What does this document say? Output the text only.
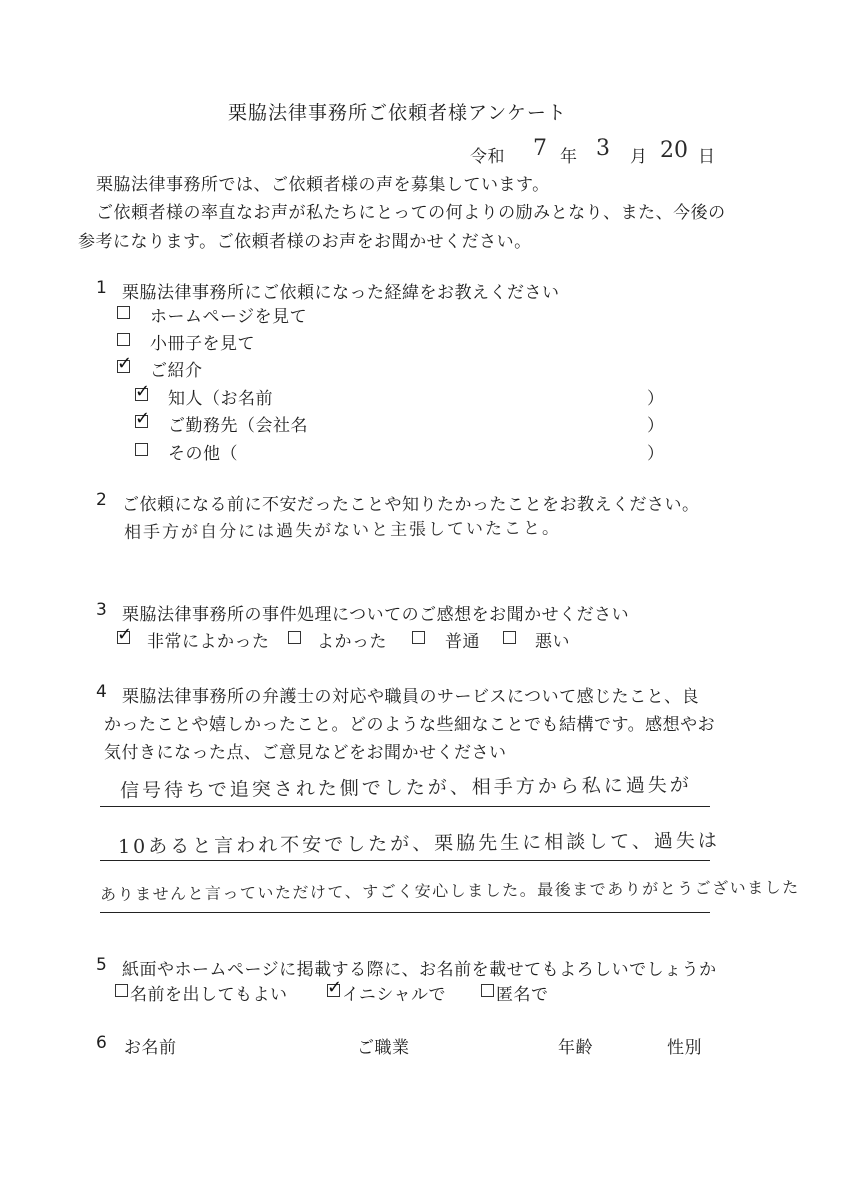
栗脇法律事務所ご依頼者様アンケート
令和 7 年 3 月 20 日
栗脇法律事務所では、ご依頼者様の声を募集しています。
ご依頼者様の率直なお声が私たちにとっての何よりの励みとなり、また、今後の
参考になります。ご依頼者様のお声をお聞かせください。
1 栗脇法律事務所にご依頼になった経緯をお教えください
ホームページを見て
小冊子を見て
✓ ご紹介
✓ 知人（お名前	）
✓ ご勤務先（会社名	）
その他（	）
2 ご依頼になる前に不安だったことや知りたかったことをお教えください。
相手方が自分には過失がないと主張していたこと。
3 栗脇法律事務所の事件処理についてのご感想をお聞かせください
✓ 非常によかった	よかった	普通	悪い
4 栗脇法律事務所の弁護士の対応や職員のサービスについて感じたこと、良
かったことや嬉しかったこと。どのような些細なことでも結構です。感想やお
気付きになった点、ご意見などをお聞かせください
信号待ちで追突された側でしたが、相手方から私に過失が
10あると言われ不安でしたが、栗脇先生に相談して、過失は
ありませんと言っていただけて、すごく安心しました。最後までありがとうございました
5 紙面やホームページに掲載する際に、お名前を載せてもよろしいでしょうか
名前を出してもよい ✓ イニシャルで	匿名で
6 お名前	ご職業	年齢	性別
